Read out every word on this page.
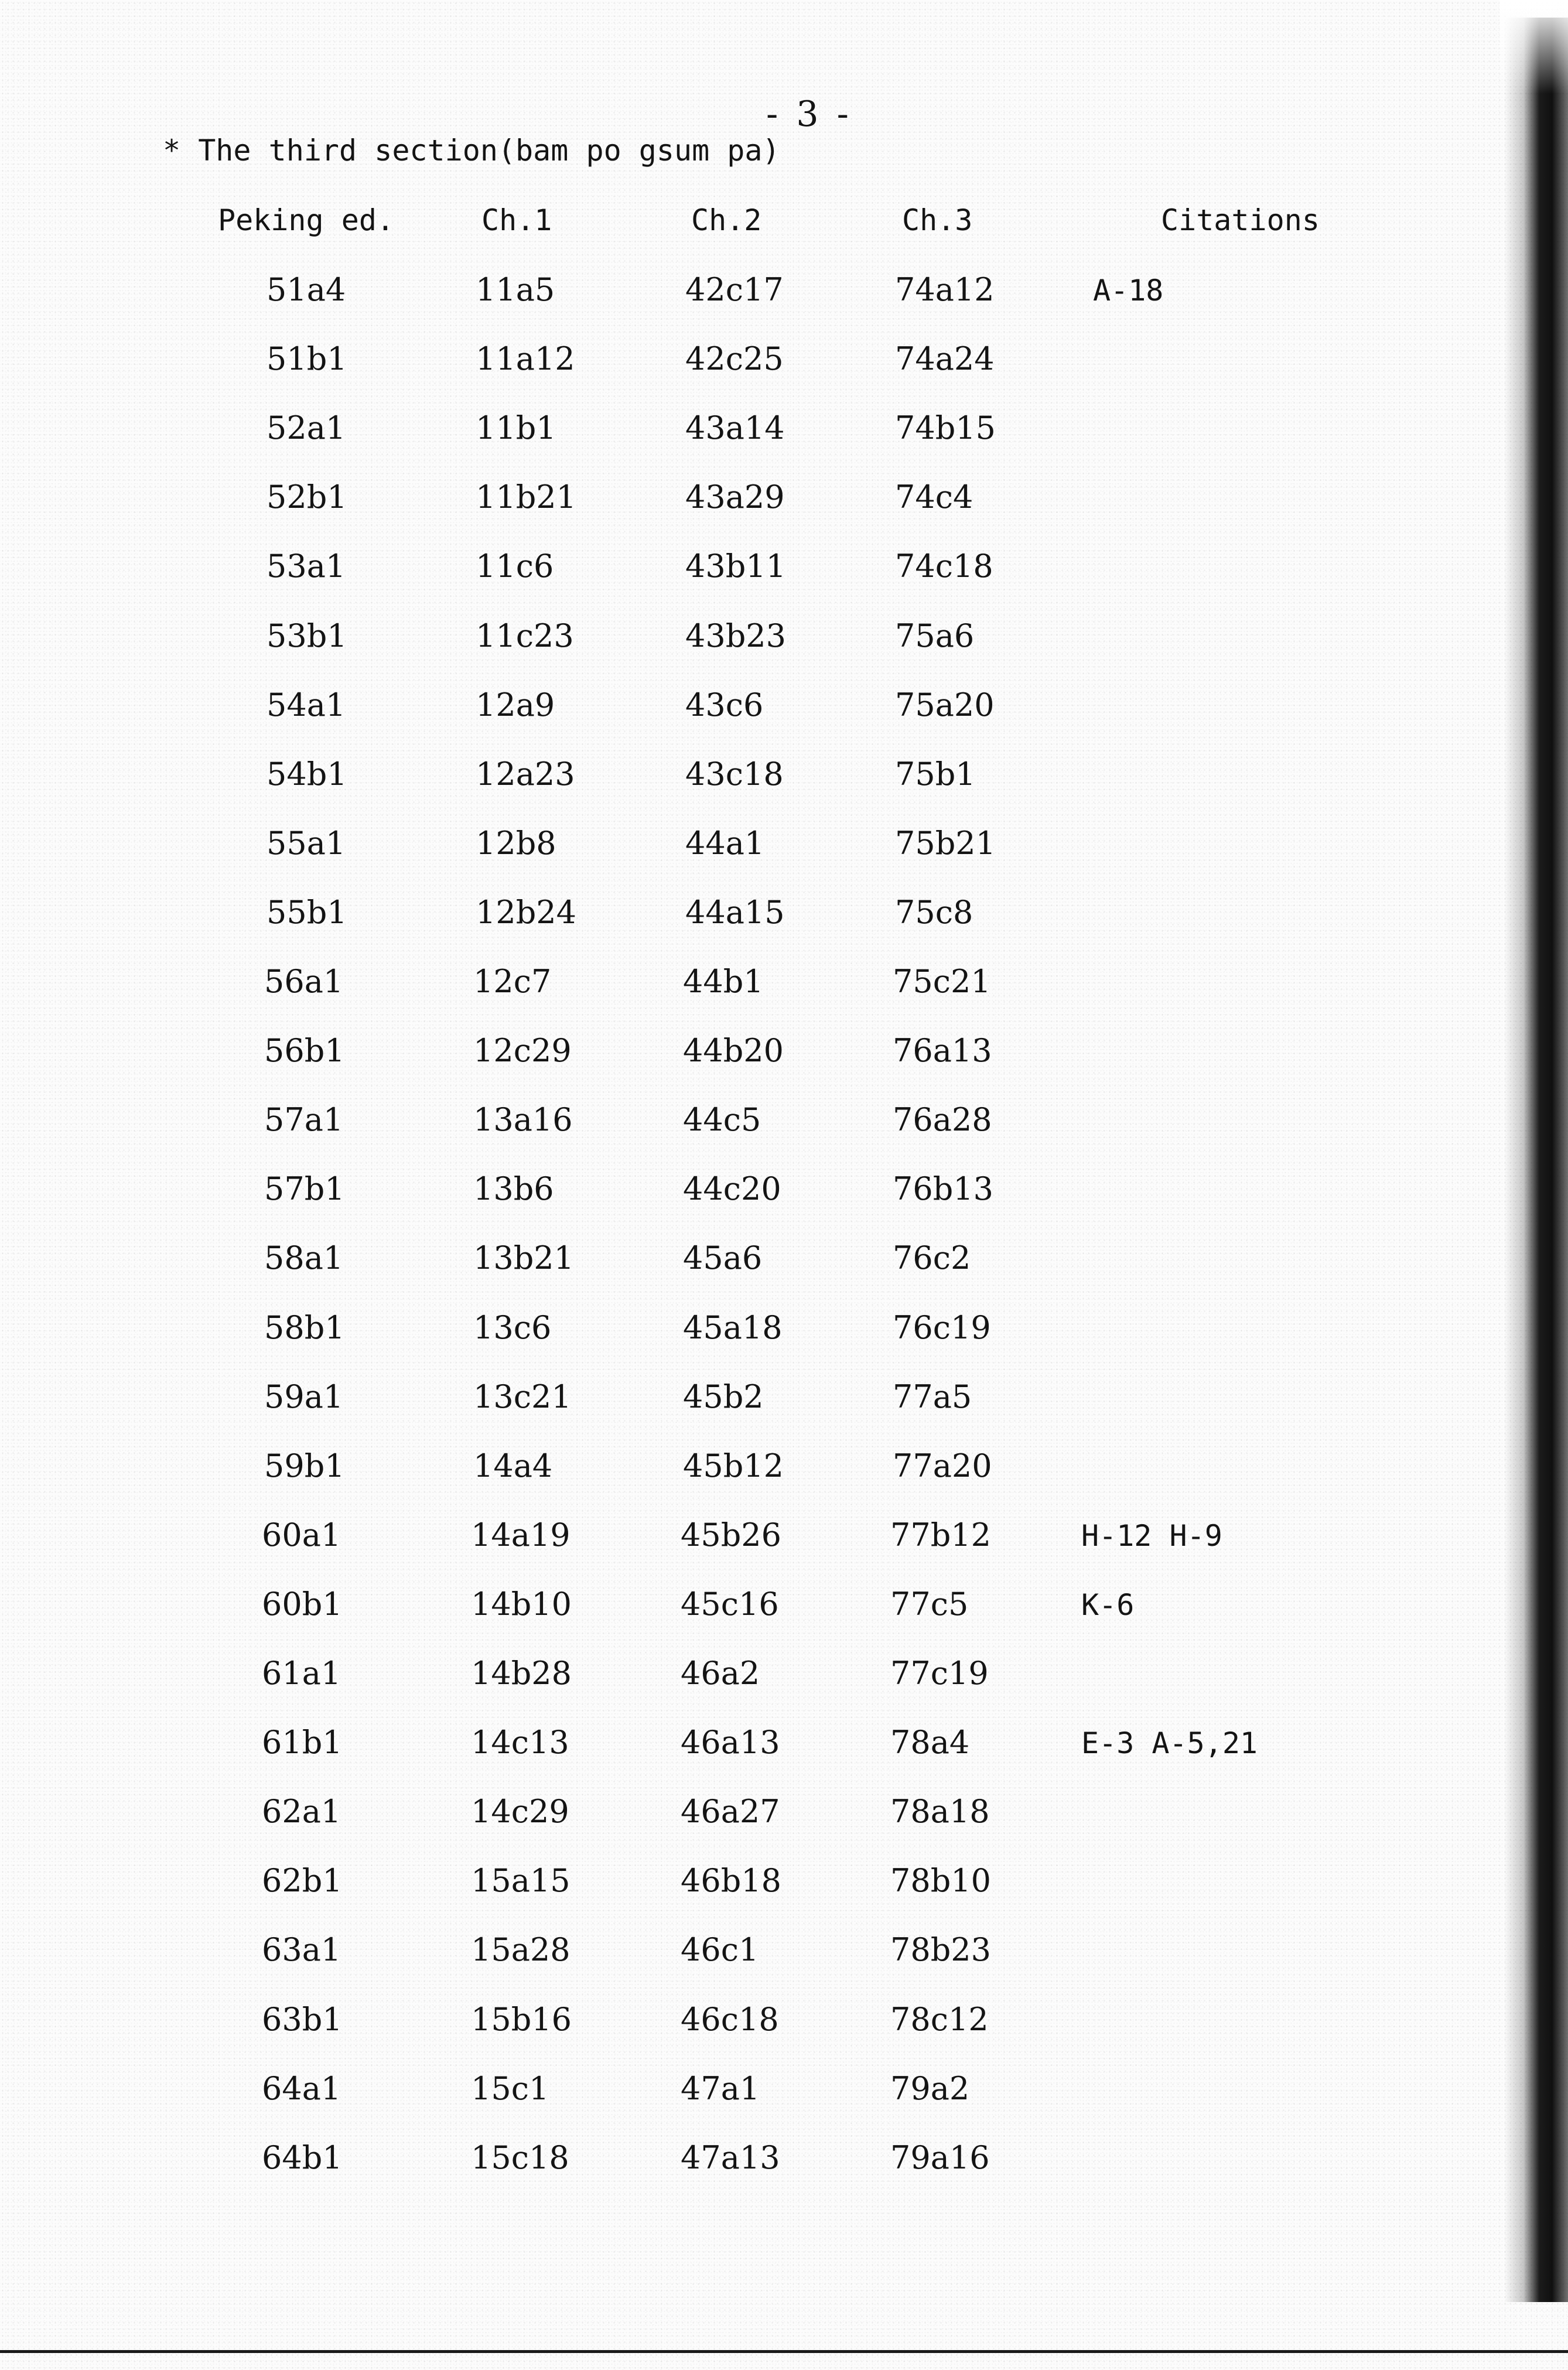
- 3 -
* The third section(bam po gsum pa)
Peking ed.	Ch.1	Ch.2	Ch.3	Citations
51a4	11a5	42c17	74a12	A-18
51b1	11a12	42c25	74a24
52a1	11b1	43a14	74b15
52b1	11b21	43a29	74c4
53a1	11c6	43b11	74c18
53b1	11c23	43b23	75a6
54a1	12a9	43c6	75a20
54b1	12a23	43c18	75b1
55a1	12b8	44a1	75b21
55b1	12b24	44a15	75c8
56a1	12c7	44b1	75c21
56b1	12c29	44b20	76a13
57a1	13a16	44c5	76a28
57b1	13b6	44c20	76b13
58a1	13b21	45a6	76c2
58b1	13c6	45a18	76c19
59a1	13c21	45b2	77a5
59b1	14a4	45b12	77a20
60a1	14a19	45b26	77b12	H-12 H-9
60b1	14b10	45c16	77c5	K-6
61a1	14b28	46a2	77c19
61b1	14c13	46a13	78a4	E-3 A-5,21
62a1	14c29	46a27	78a18
62b1	15a15	46b18	78b10
63a1	15a28	46c1	78b23
63b1	15b16	46c18	78c12
64a1	15c1	47a1	79a2
64b1	15c18	47a13	79a16
